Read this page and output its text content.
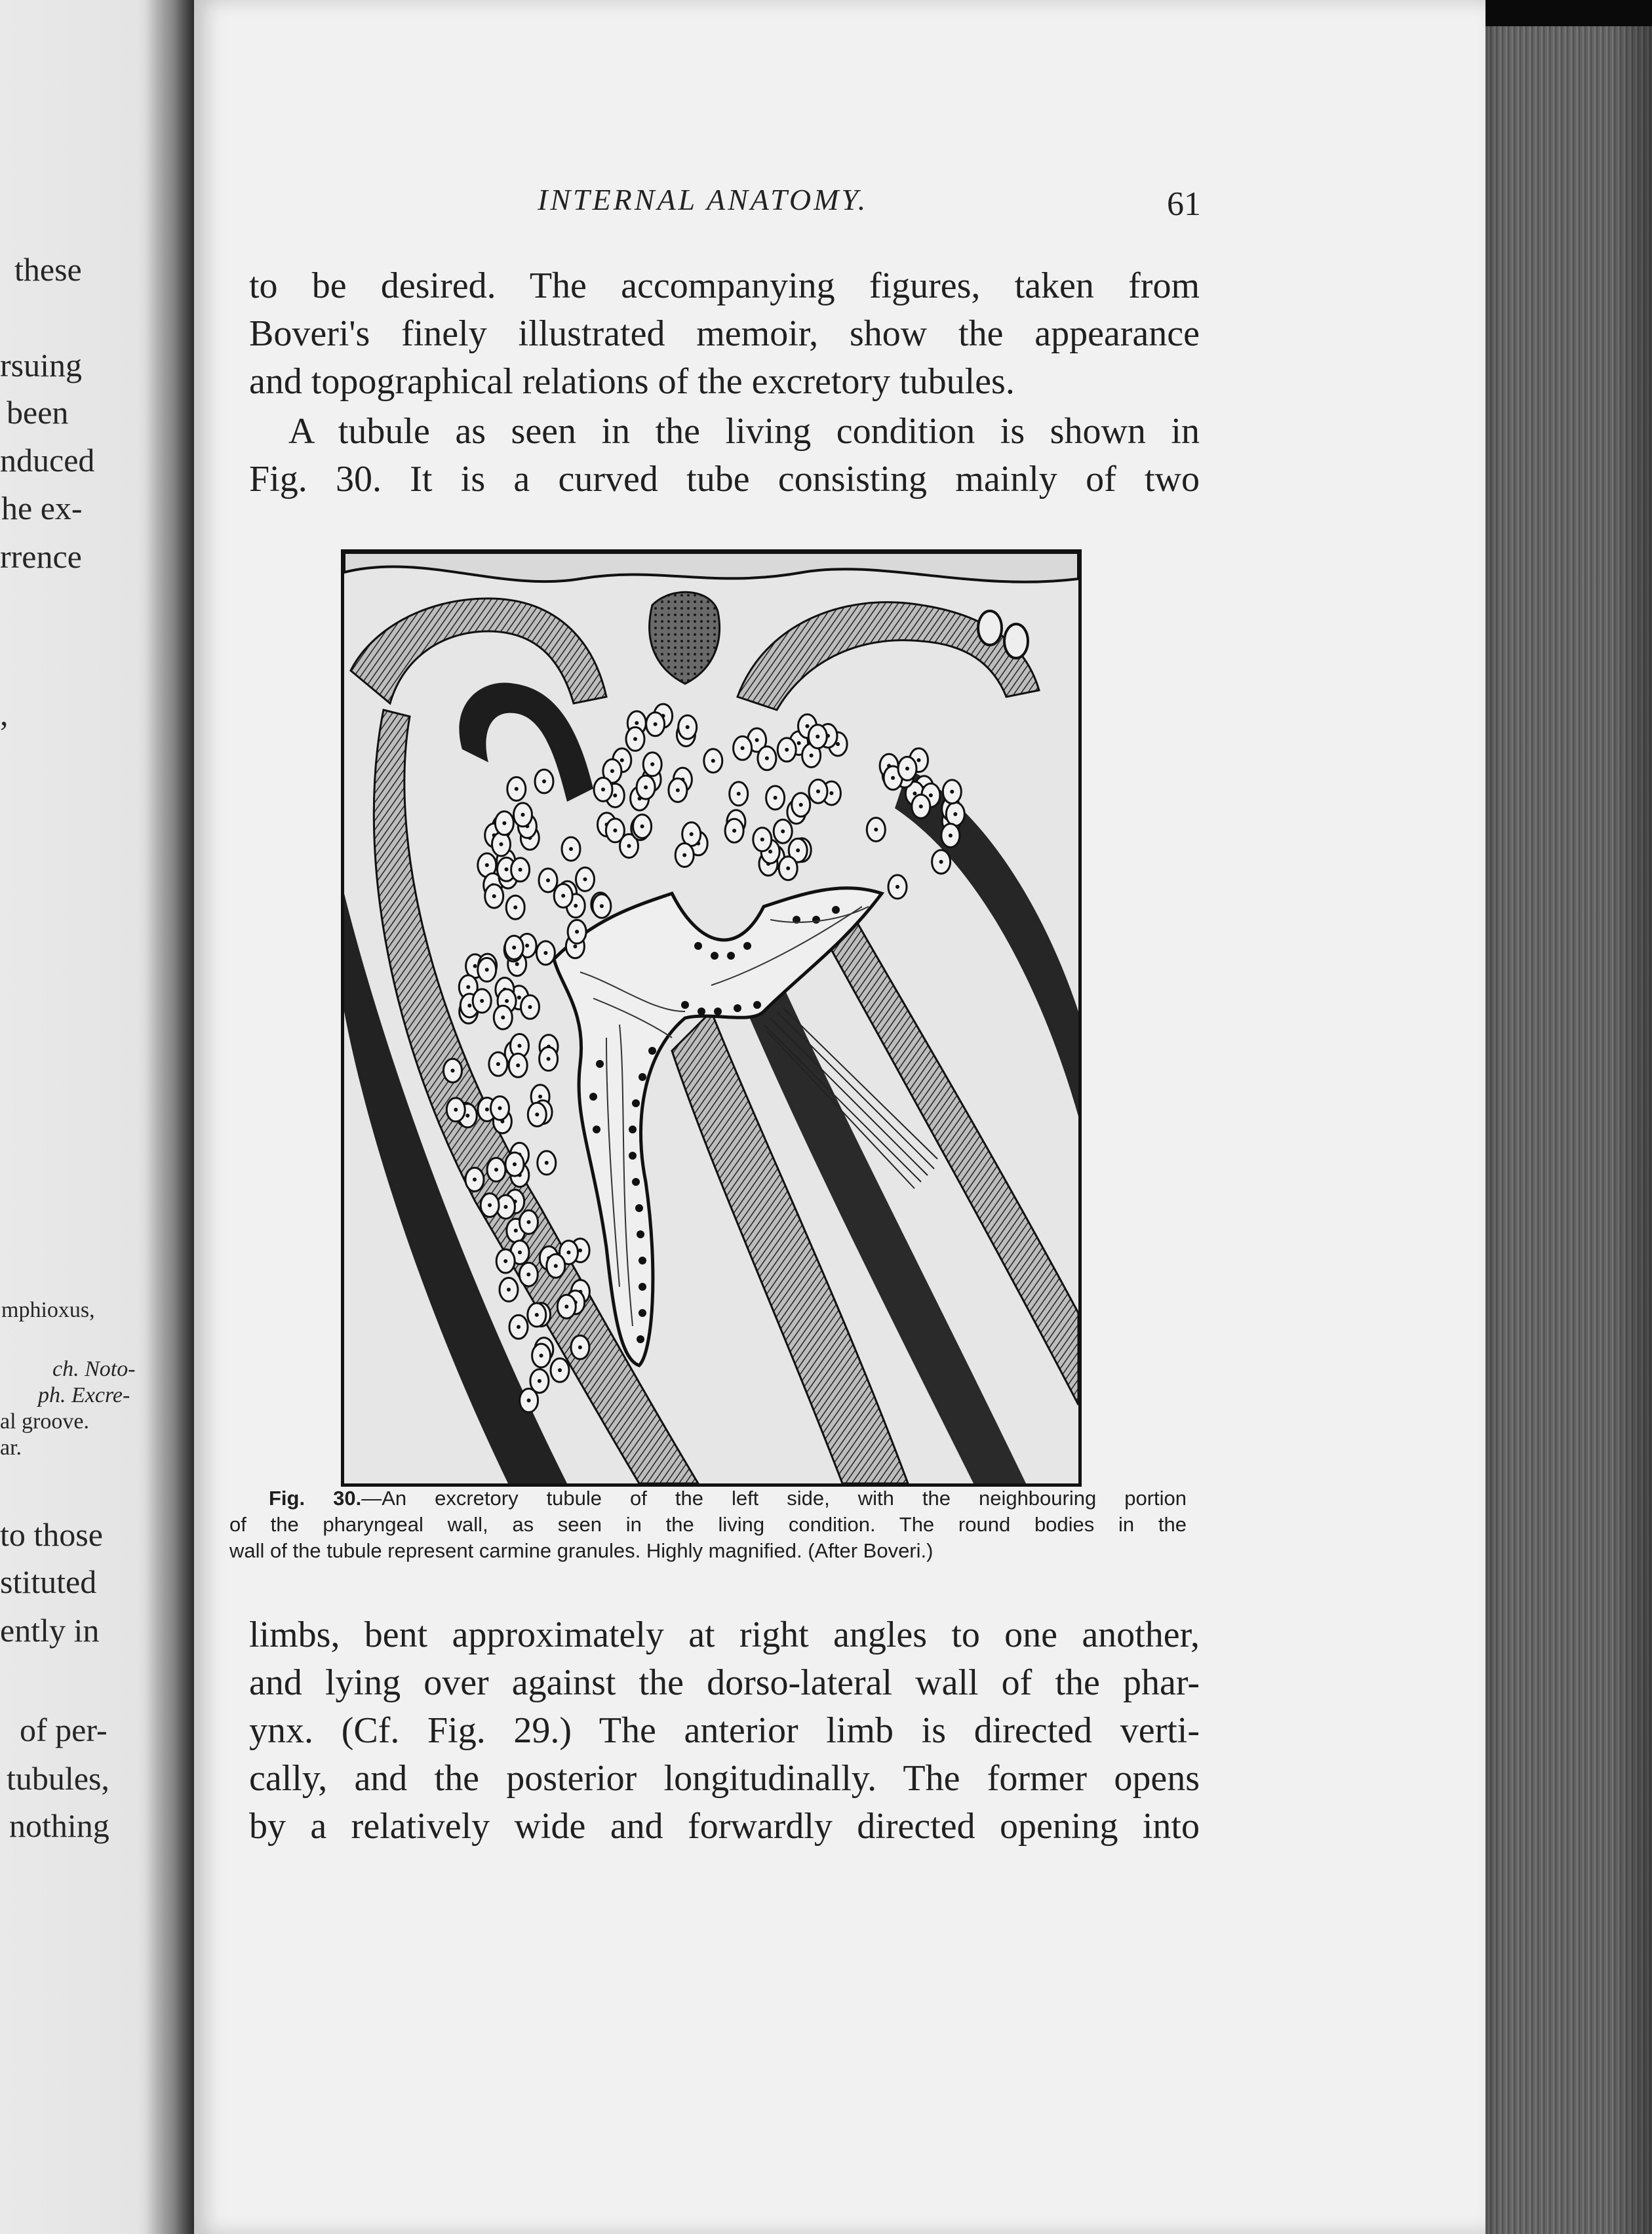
these
rsuing
been
nduced
he ex-
rrence
,
mphioxus,
ch. Noto-
ph. Excre-
al groove.
ar.
to those
stituted
ently in
of per-
tubules,
nothing
INTERNAL ANATOMY.	61
to be desired. The accompanying figures, taken from
Boveri's finely illustrated memoir, show the appearance
and topographical relations of the excretory tubules.
A tubule as seen in the living condition is shown in
Fig. 30. It is a curved tube consisting mainly of two
Fig. 30.—An excretory tubule of the left side, with the neighbouring portion
of the pharyngeal wall, as seen in the living condition. The round bodies in the
wall of the tubule represent carmine granules. Highly magnified. (After Boveri.)
limbs, bent approximately at right angles to one another,
and lying over against the dorso-lateral wall of the phar-
ynx. (Cf. Fig. 29.) The anterior limb is directed verti-
cally, and the posterior longitudinally. The former opens
by a relatively wide and forwardly directed opening into
